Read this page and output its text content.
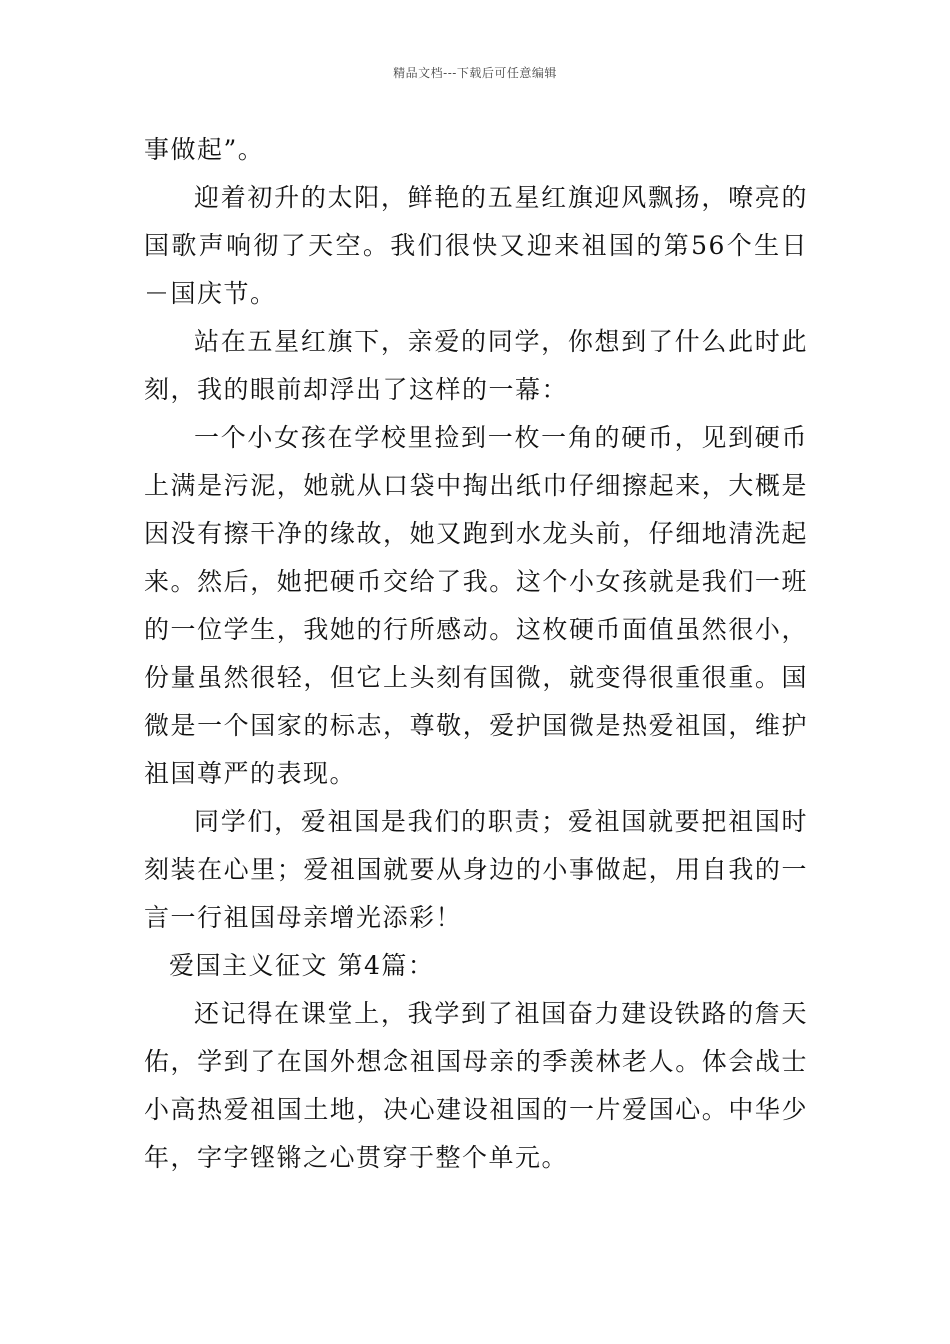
精品文档---下载后可任意编辑

事做起”。

迎着初升的太阳，鲜艳的五星红旗迎风飘扬，嘹亮的国歌声响彻了天空。我们很快又迎来祖国的第56个生日－国庆节。

站在五星红旗下，亲爱的同学，你想到了什么此时此刻，我的眼前却浮出了这样的一幕：

一个小女孩在学校里捡到一枚一角的硬币，见到硬币上满是污泥，她就从口袋中掏出纸巾仔细擦起来，大概是因没有擦干净的缘故，她又跑到水龙头前，仔细地清洗起来。然后，她把硬币交给了我。这个小女孩就是我们一班的一位学生，我她的行所感动。这枚硬币面值虽然很小，份量虽然很轻，但它上头刻有国微，就变得很重很重。国微是一个国家的标志，尊敬，爱护国微是热爱祖国，维护祖国尊严的表现。

同学们，爱祖国是我们的职责；爱祖国就要把祖国时刻装在心里；爱祖国就要从身边的小事做起，用自我的一言一行祖国母亲增光添彩！

爱国主义征文 第4篇：

还记得在课堂上，我学到了祖国奋力建设铁路的詹天佑，学到了在国外想念祖国母亲的季羡林老人。体会战士小高热爱祖国土地，决心建设祖国的一片爱国心。中华少年，字字铿锵之心贯穿于整个单元。
